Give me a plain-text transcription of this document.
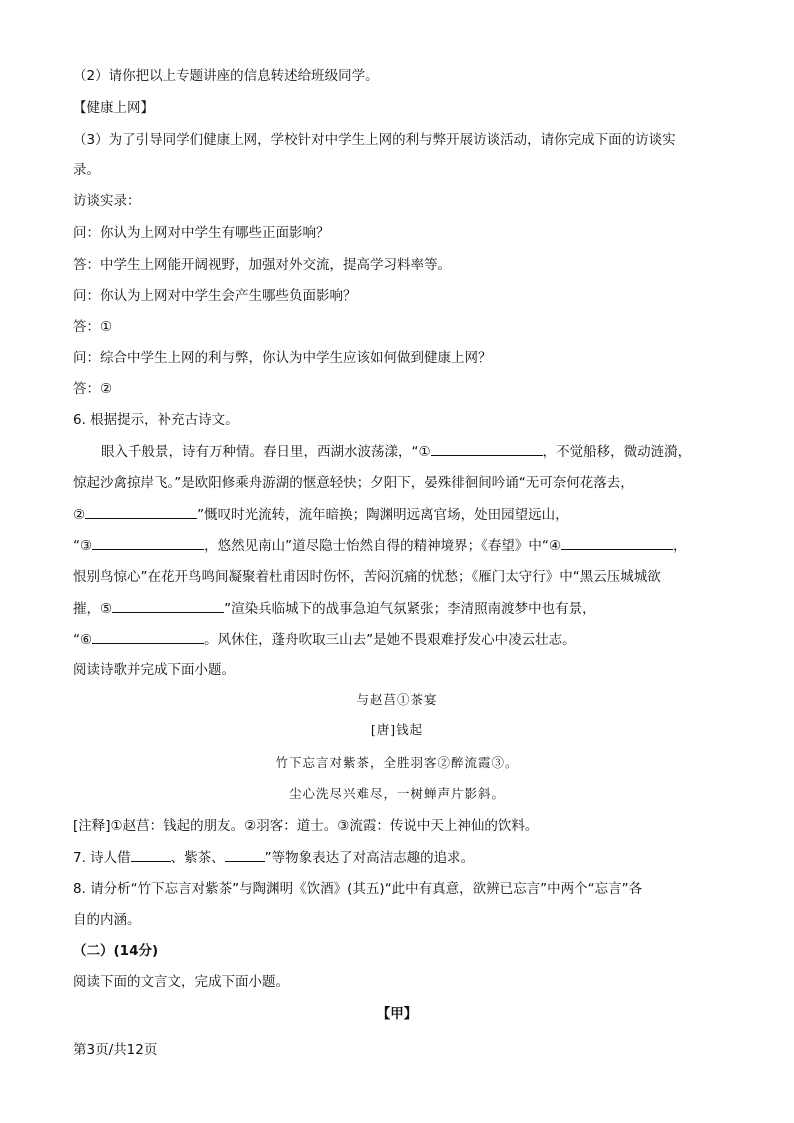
（2）请你把以上专题讲座的信息转述给班级同学。
【健康上网】
（3）为了引导同学们健康上网，学校针对中学生上网的利与弊开展访谈活动，请你完成下面的访谈实
录。
访谈实录：
问：你认为上网对中学生有哪些正面影响？
答：中学生上网能开阔视野，加强对外交流，提高学习料率等。
问：你认为上网对中学生会产生哪些负面影响？
答：①
问：综合中学生上网的利与弊，你认为中学生应该如何做到健康上网？
答：②
6. 根据提示，补充古诗文。
眼入千般景，诗有万种情。春日里，西湖水波荡漾，“①	，不觉船移，微动涟漪，
惊起沙禽掠岸飞。”是欧阳修乘舟游湖的惬意轻快；夕阳下，晏殊徘徊间吟诵“无可奈何花落去，
②	”慨叹时光流转，流年暗换；陶渊明远离官场，处田园望远山，
“③	，悠然见南山”道尽隐士怡然自得的精神境界；《春望》中“④	，
恨别鸟惊心”在花开鸟鸣间凝聚着杜甫因时伤怀，苦闷沉痛的忧愁；《雁门太守行》中“黑云压城城欲
摧，⑤	”渲染兵临城下的战事急迫气氛紧张；李清照南渡梦中也有景，
“⑥	。风休住，蓬舟吹取三山去”是她不畏艰难抒发心中凌云壮志。
阅读诗歌并完成下面小题。
与赵莒①茶宴
[唐]钱起
竹下忘言对紫茶，全胜羽客②醉流霞③。
尘心洗尽兴难尽，一树蝉声片影斜。
[注释]①赵莒：钱起的朋友。②羽客：道士。③流霞：传说中天上神仙的饮料。
7. 诗人借	、紫茶、	”等物象表达了对高洁志趣的追求。
8. 请分析“竹下忘言对紫茶”与陶渊明《饮酒》(其五)“此中有真意，欲辨已忘言”中两个“忘言”各
自的内涵。
（二）(14分)
阅读下面的文言文，完成下面小题。
【甲】
第3页/共12页
